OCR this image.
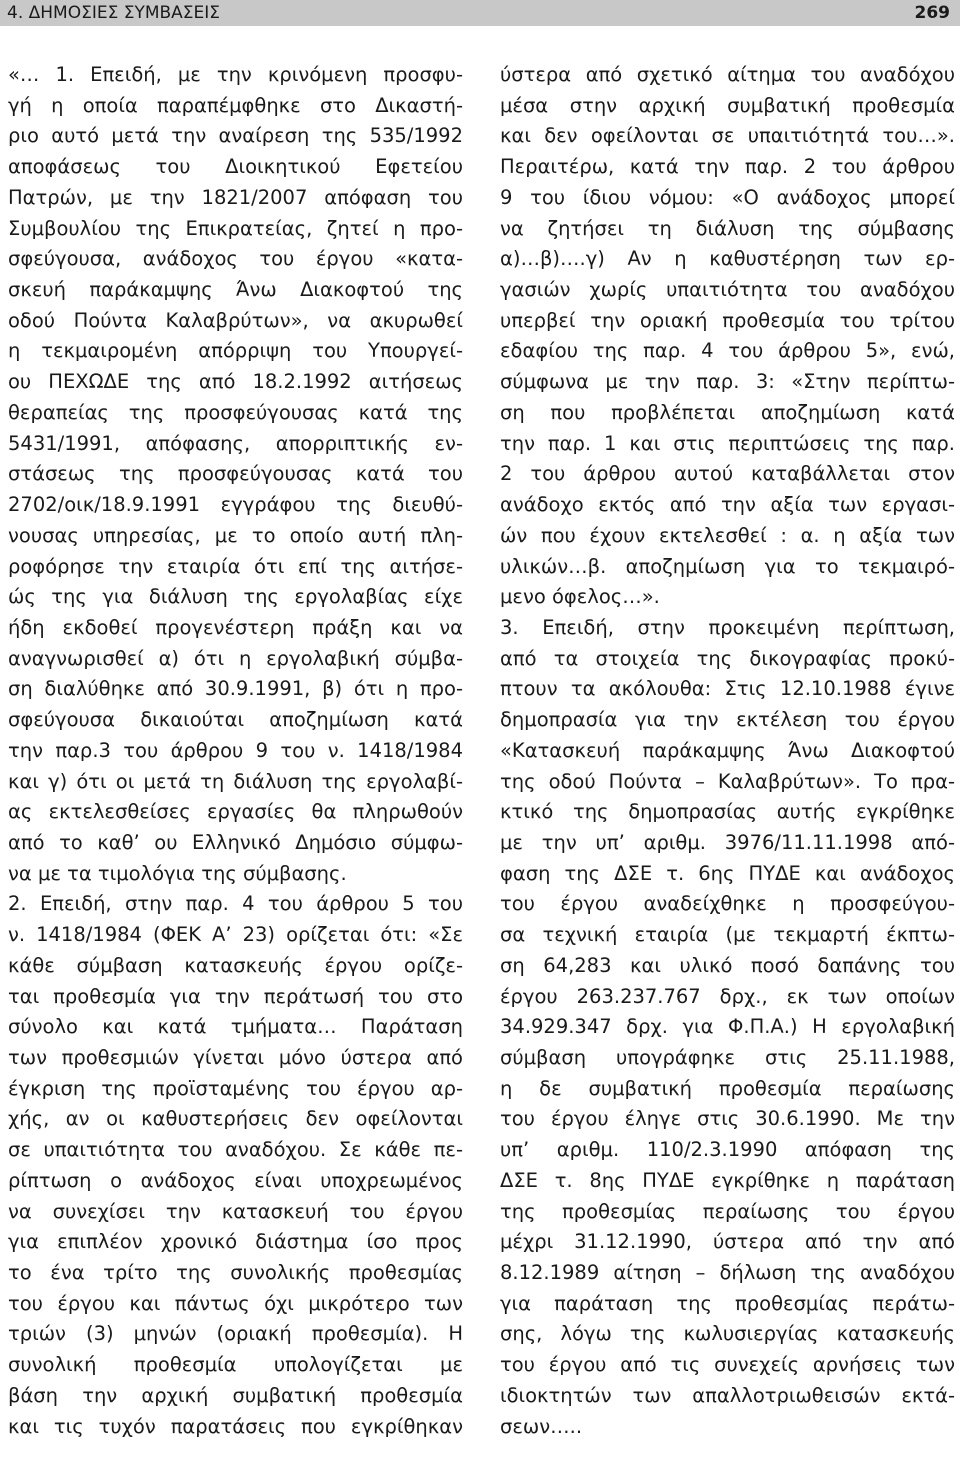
4. ΔΗΜΟΣΙΕΣ ΣΥΜΒΑΣΕΙΣ	269
«… 1. Επειδή, με την κρινόμενη προσφυ-
γή η οποία παραπέμφθηκε στο Δικαστή-
ριο αυτό μετά την αναίρεση της 535/1992
αποφάσεως του Διοικητικού Εφετείου
Πατρών, με την 1821/2007 απόφαση του
Συμβουλίου της Επικρατείας, ζητεί η προ-
σφεύγουσα, ανάδοχος του έργου «κατα-
σκευή παράκαμψης Άνω Διακοφτού της
οδού Πούντα Καλαβρύτων», να ακυρωθεί
η τεκμαιρομένη απόρριψη του Υπουργεί-
ου ΠΕΧΩΔΕ της από 18.2.1992 αιτήσεως
θεραπείας της προσφεύγουσας κατά της
5431/1991, απόφασης, απορριπτικής εν-
στάσεως της προσφεύγουσας κατά του
2702/οικ/18.9.1991 εγγράφου της διευθύ-
νουσας υπηρεσίας, με το οποίο αυτή πλη-
ροφόρησε την εταιρία ότι επί της αιτήσε-
ώς της για διάλυση της εργολαβίας είχε
ήδη εκδοθεί προγενέστερη πράξη και να
αναγνωρισθεί α) ότι η εργολαβική σύμβα-
ση διαλύθηκε από 30.9.1991, β) ότι η προ-
σφεύγουσα δικαιούται αποζημίωση κατά
την παρ.3 του άρθρου 9 του ν. 1418/1984
και γ) ότι οι μετά τη διάλυση της εργολαβί-
ας εκτελεσθείσες εργασίες θα πληρωθούν
από το καθ’ ου Ελληνικό Δημόσιο σύμφω-
να με τα τιμολόγια της σύμβασης.
2. Επειδή, στην παρ. 4 του άρθρου 5 του
ν. 1418/1984 (ΦΕΚ Α’ 23) ορίζεται ότι: «Σε
κάθε σύμβαση κατασκευής έργου ορίζε-
ται προθεσμία για την περάτωσή του στο
σύνολο και κατά τμήματα… Παράταση
των προθεσμιών γίνεται μόνο ύστερα από
έγκριση της προϊσταμένης του έργου αρ-
χής, αν οι καθυστερήσεις δεν οφείλονται
σε υπαιτιότητα του αναδόχου. Σε κάθε πε-
ρίπτωση ο ανάδοχος είναι υποχρεωμένος
να συνεχίσει την κατασκευή του έργου
για επιπλέον χρονικό διάστημα ίσο προς
το ένα τρίτο της συνολικής προθεσμίας
του έργου και πάντως όχι μικρότερο των
τριών (3) μηνών (οριακή προθεσμία). Η
συνολική προθεσμία υπολογίζεται με
βάση την αρχική συμβατική προθεσμία
και τις τυχόν παρατάσεις που εγκρίθηκαν
ύστερα από σχετικό αίτημα του αναδόχου
μέσα στην αρχική συμβατική προθεσμία
και δεν οφείλονται σε υπαιτιότητά του…».
Περαιτέρω, κατά την παρ. 2 του άρθρου
9 του ίδιου νόμου: «Ο ανάδοχος μπορεί
να ζητήσει τη διάλυση της σύμβασης
α)…β)….γ) Αν η καθυστέρηση των ερ-
γασιών χωρίς υπαιτιότητα του αναδόχου
υπερβεί την οριακή προθεσμία του τρίτου
εδαφίου της παρ. 4 του άρθρου 5», ενώ,
σύμφωνα με την παρ. 3: «Στην περίπτω-
ση που προβλέπεται αποζημίωση κατά
την παρ. 1 και στις περιπτώσεις της παρ.
2 του άρθρου αυτού καταβάλλεται στον
ανάδοχο εκτός από την αξία των εργασι-
ών που έχουν εκτελεσθεί : α. η αξία των
υλικών…β. αποζημίωση για το τεκμαιρό-
μενο όφελος…».
3. Επειδή, στην προκειμένη περίπτωση,
από τα στοιχεία της δικογραφίας προκύ-
πτουν τα ακόλουθα: Στις 12.10.1988 έγινε
δημοπρασία για την εκτέλεση του έργου
«Κατασκευή παράκαμψης Άνω Διακοφτού
της οδού Πούντα – Καλαβρύτων». Το πρα-
κτικό της δημοπρασίας αυτής εγκρίθηκε
με την υπ’ αριθμ. 3976/11.11.1998 από-
φαση της ΔΣΕ τ. 6ης ΠΥΔΕ και ανάδοχος
του έργου αναδείχθηκε η προσφεύγου-
σα τεχνική εταιρία (με τεκμαρτή έκπτω-
ση 64,283 και υλικό ποσό δαπάνης του
έργου 263.237.767 δρχ., εκ των οποίων
34.929.347 δρχ. για Φ.Π.Α.) Η εργολαβική
σύμβαση υπογράφηκε στις 25.11.1988,
η δε συμβατική προθεσμία περαίωσης
του έργου έληγε στις 30.6.1990. Με την
υπ’ αριθμ. 110/2.3.1990 απόφαση της
ΔΣΕ τ. 8ης ΠΥΔΕ εγκρίθηκε η παράταση
της προθεσμίας περαίωσης του έργου
μέχρι 31.12.1990, ύστερα από την από
8.12.1989 αίτηση – δήλωση της αναδόχου
για παράταση της προθεσμίας περάτω-
σης, λόγω της κωλυσιεργίας κατασκευής
του έργου από τις συνεχείς αρνήσεις των
ιδιοκτητών των απαλλοτριωθεισών εκτά-
σεων…..
